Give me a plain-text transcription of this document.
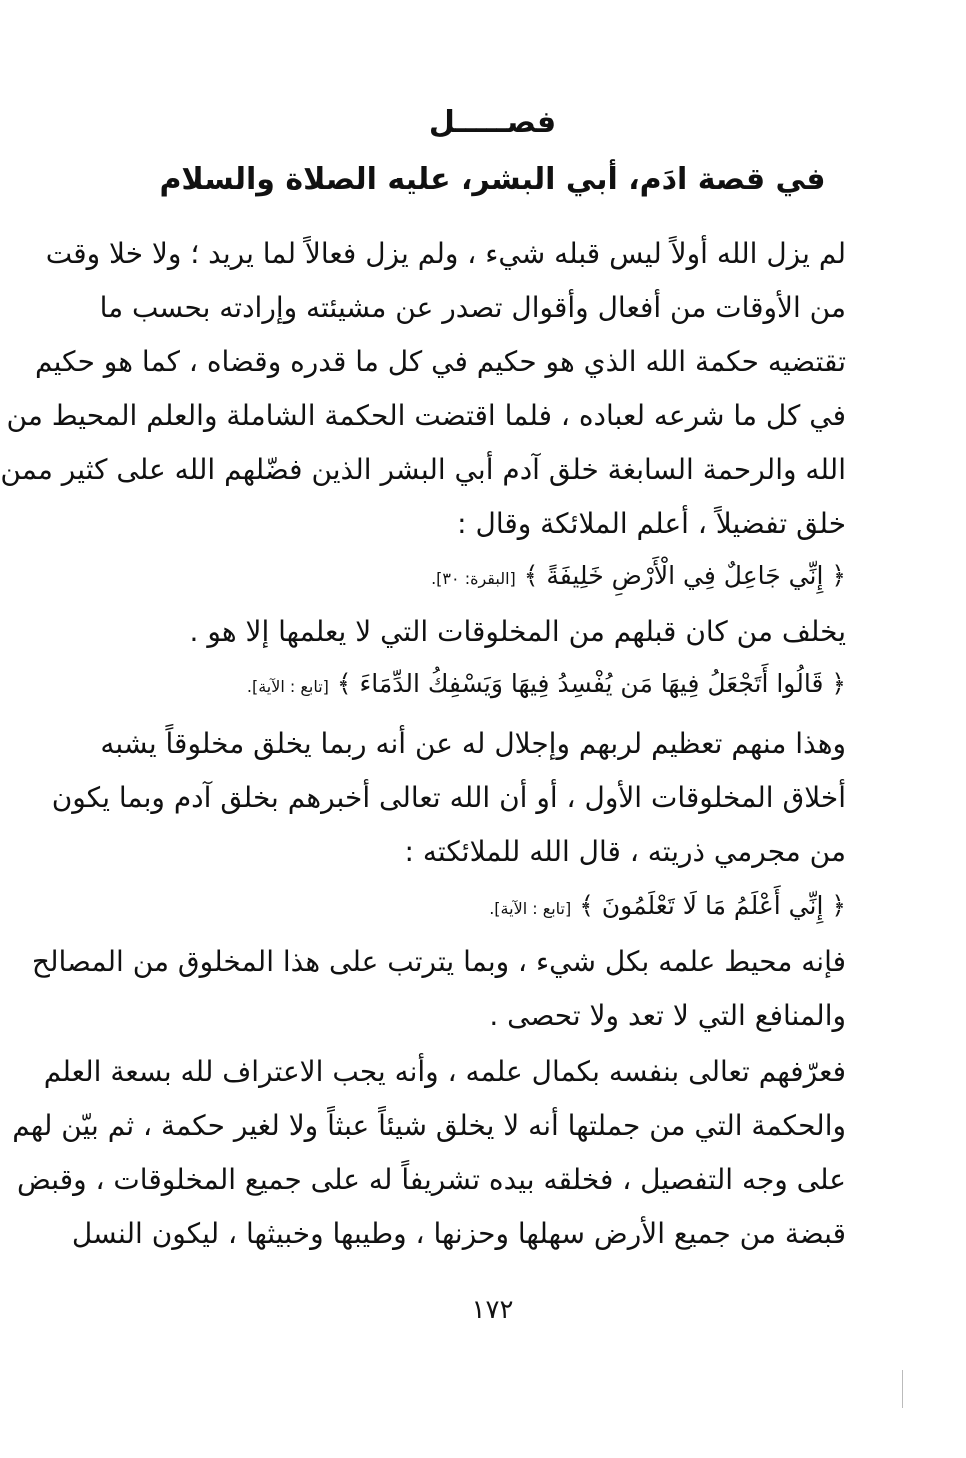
فصـــــل
في قصة ادَم، أبي البشر، عليه الصلاة والسلام
لم يزل الله أولاً ليس قبله شيء ، ولم يزل فعالاً لما يريد ؛ ولا خلا وقت
من الأوقات من أفعال وأقوال تصدر عن مشيئته وإرادته بحسب ما
تقتضيه حكمة الله الذي هو حكيم في كل ما قدره وقضاه ، كما هو حكيم
في كل ما شرعه لعباده ، فلما اقتضت الحكمة الشاملة والعلم المحيط من
الله والرحمة السابغة خلق آدم أبي البشر الذين فضّلهم الله على كثير ممن
خلق تفضيلاً ، أعلم الملائكة وقال :
﴿ إِنِّي جَاعِلٌ فِي الْأَرْضِ خَلِيفَةً ﴾ [البقرة: ٣٠].
يخلف من كان قبلهم من المخلوقات التي لا يعلمها إلا هو .
﴿ قَالُوا أَتَجْعَلُ فِيهَا مَن يُفْسِدُ فِيهَا وَيَسْفِكُ الدِّمَاءَ ﴾ [تابع : الآية].
وهذا منهم تعظيم لربهم وإجلال له عن أنه ربما يخلق مخلوقاً يشبه
أخلاق المخلوقات الأول ، أو أن الله تعالى أخبرهم بخلق آدم وبما يكون
من مجرمي ذريته ، قال الله للملائكته :
﴿ إِنِّي أَعْلَمُ مَا لَا تَعْلَمُونَ ﴾ [تابع : الآية].
فإنه محيط علمه بكل شيء ، وبما يترتب على هذا المخلوق من المصالح
والمنافع التي لا تعد ولا تحصى .
فعرّفهم تعالى بنفسه بكمال علمه ، وأنه يجب الاعتراف لله بسعة العلم
والحكمة التي من جملتها أنه لا يخلق شيئاً عبثاً ولا لغير حكمة ، ثم بيّن لهم
على وجه التفصيل ، فخلقه بيده تشريفاً له على جميع المخلوقات ، وقبض
قبضة من جميع الأرض سهلها وحزنها ، وطيبها وخبيثها ، ليكون النسل
١٧٢
